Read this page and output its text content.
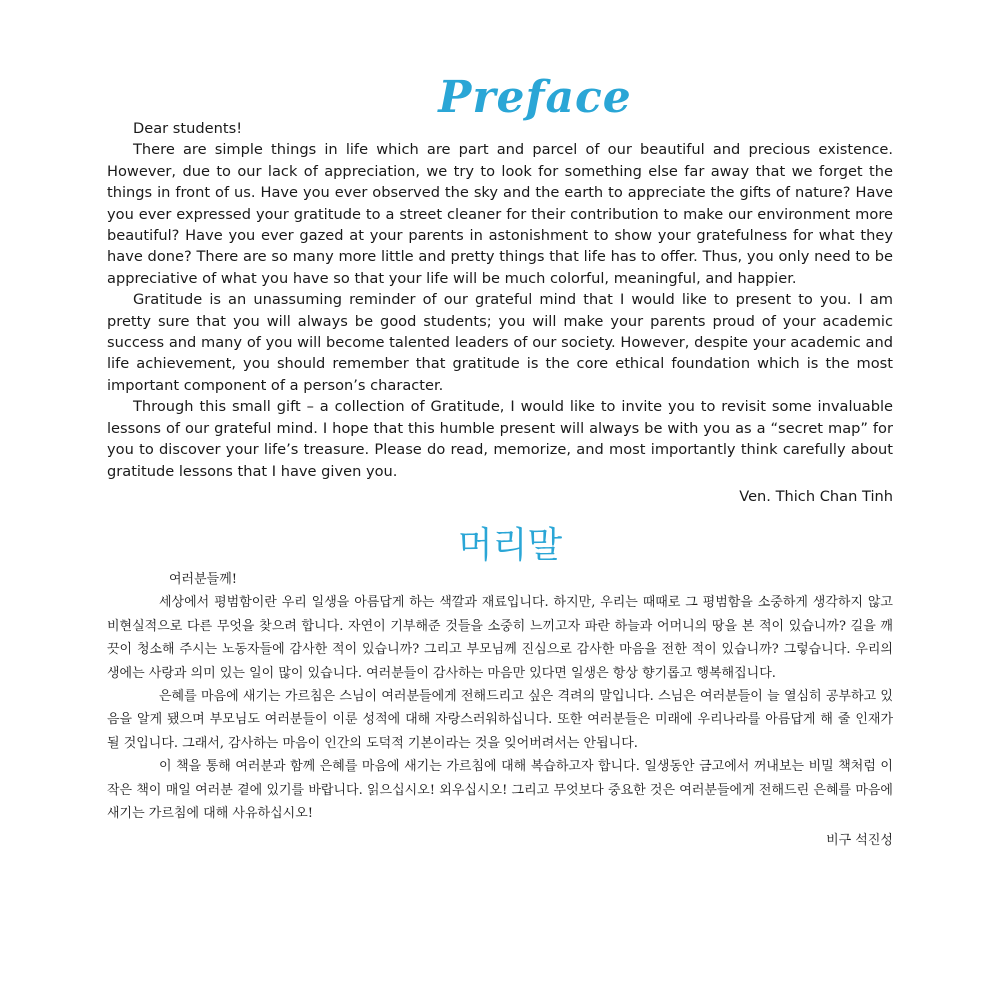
Preface

Dear students!

There are simple things in life which are part and parcel of our beautiful and precious existence. However, due to our lack of appreciation, we try to look for something else far away that we forget the things in front of us. Have you ever observed the sky and the earth to appreciate the gifts of nature? Have you ever expressed your gratitude to a street cleaner for their contribution to make our environment more beautiful? Have you ever gazed at your parents in astonishment to show your gratefulness for what they have done? There are so many more little and pretty things that life has to offer. Thus, you only need to be appreciative of what you have so that your life will be much colorful, meaningful, and happier.

Gratitude is an unassuming reminder of our grateful mind that I would like to present to you. I am pretty sure that you will always be good students; you will make your parents proud of your academic success and many of you will become talented leaders of our society. However, despite your academic and life achievement, you should remember that gratitude is the core ethical foundation which is the most important component of a person’s character.

Through this small gift – a collection of Gratitude, I would like to invite you to revisit some invaluable lessons of our grateful mind. I hope that this humble present will always be with you as a “secret map” for you to discover your life’s treasure. Please do read, memorize, and most importantly think carefully about gratitude lessons that I have given you.

Ven. Thich Chan Tinh

머리말

여러분들께!

세상에서 평범함이란 우리 일생을 아름답게 하는 색깔과 재료입니다. 하지만, 우리는 때때로 그 평범함을 소중하게 생각하지 않고 비현실적으로 다른 무엇을 찾으려 합니다. 자연이 기부해준 것들을 소중히 느끼고자 파란 하늘과 어머니의 땅을 본 적이 있습니까? 길을 깨끗이 청소해 주시는 노동자들에 감사한 적이 있습니까? 그리고 부모님께 진심으로 감사한 마음을 전한 적이 있습니까? 그렇습니다. 우리의 생에는 사랑과 의미 있는 일이 많이 있습니다. 여러분들이 감사하는 마음만 있다면 일생은 항상 향기롭고 행복해집니다.

은혜를 마음에 새기는 가르침은 스님이 여러분들에게 전해드리고 싶은 격려의 말입니다. 스님은 여러분들이 늘 열심히 공부하고 있음을 알게 됐으며 부모님도 여러분들이 이룬 성적에 대해 자랑스러워하십니다. 또한 여러분들은 미래에 우리나라를 아름답게 해 줄 인재가 될 것입니다. 그래서, 감사하는 마음이 인간의 도덕적 기본이라는 것을 잊어버려서는 안됩니다.

이 책을 통해 여러분과 함께 은혜를 마음에 새기는 가르침에 대해 복습하고자 합니다. 일생동안 금고에서 꺼내보는 비밀 책처럼 이 작은 책이 매일 여러분 곁에 있기를 바랍니다. 읽으십시오! 외우십시오! 그리고 무엇보다 중요한 것은 여러분들에게 전해드린 은혜를 마음에 새기는 가르침에 대해 사유하십시오!

비구 석진성
